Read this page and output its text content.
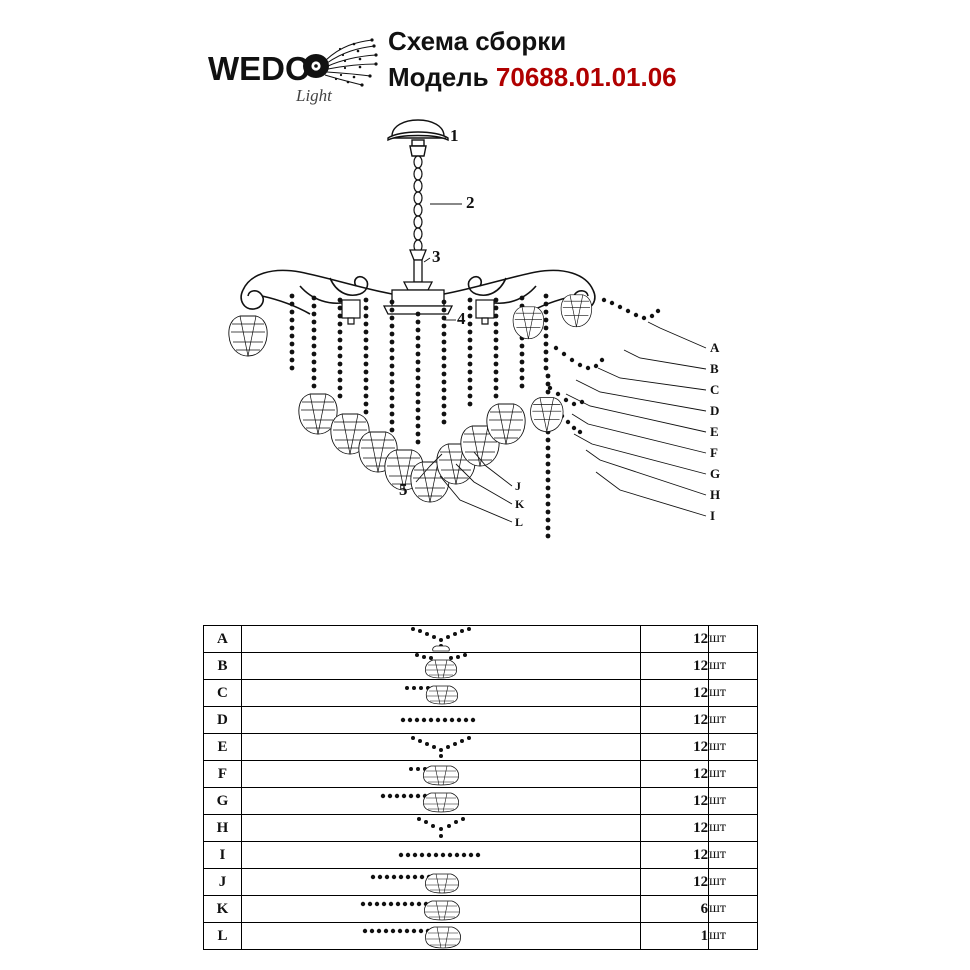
WEDO
Light
Схема сборки
Модель 70688.01.01.06
1
2
3
4
5
A
B
C
D
E
F
G
H
I
J
K
L
A		12	шт
B		12	шт
C		12	шт
D		12	шт
E		12	шт
F		12	шт
G		12	шт
H		12	шт
I		12	шт
J		12	шт
K		6	шт
L		1	шт
